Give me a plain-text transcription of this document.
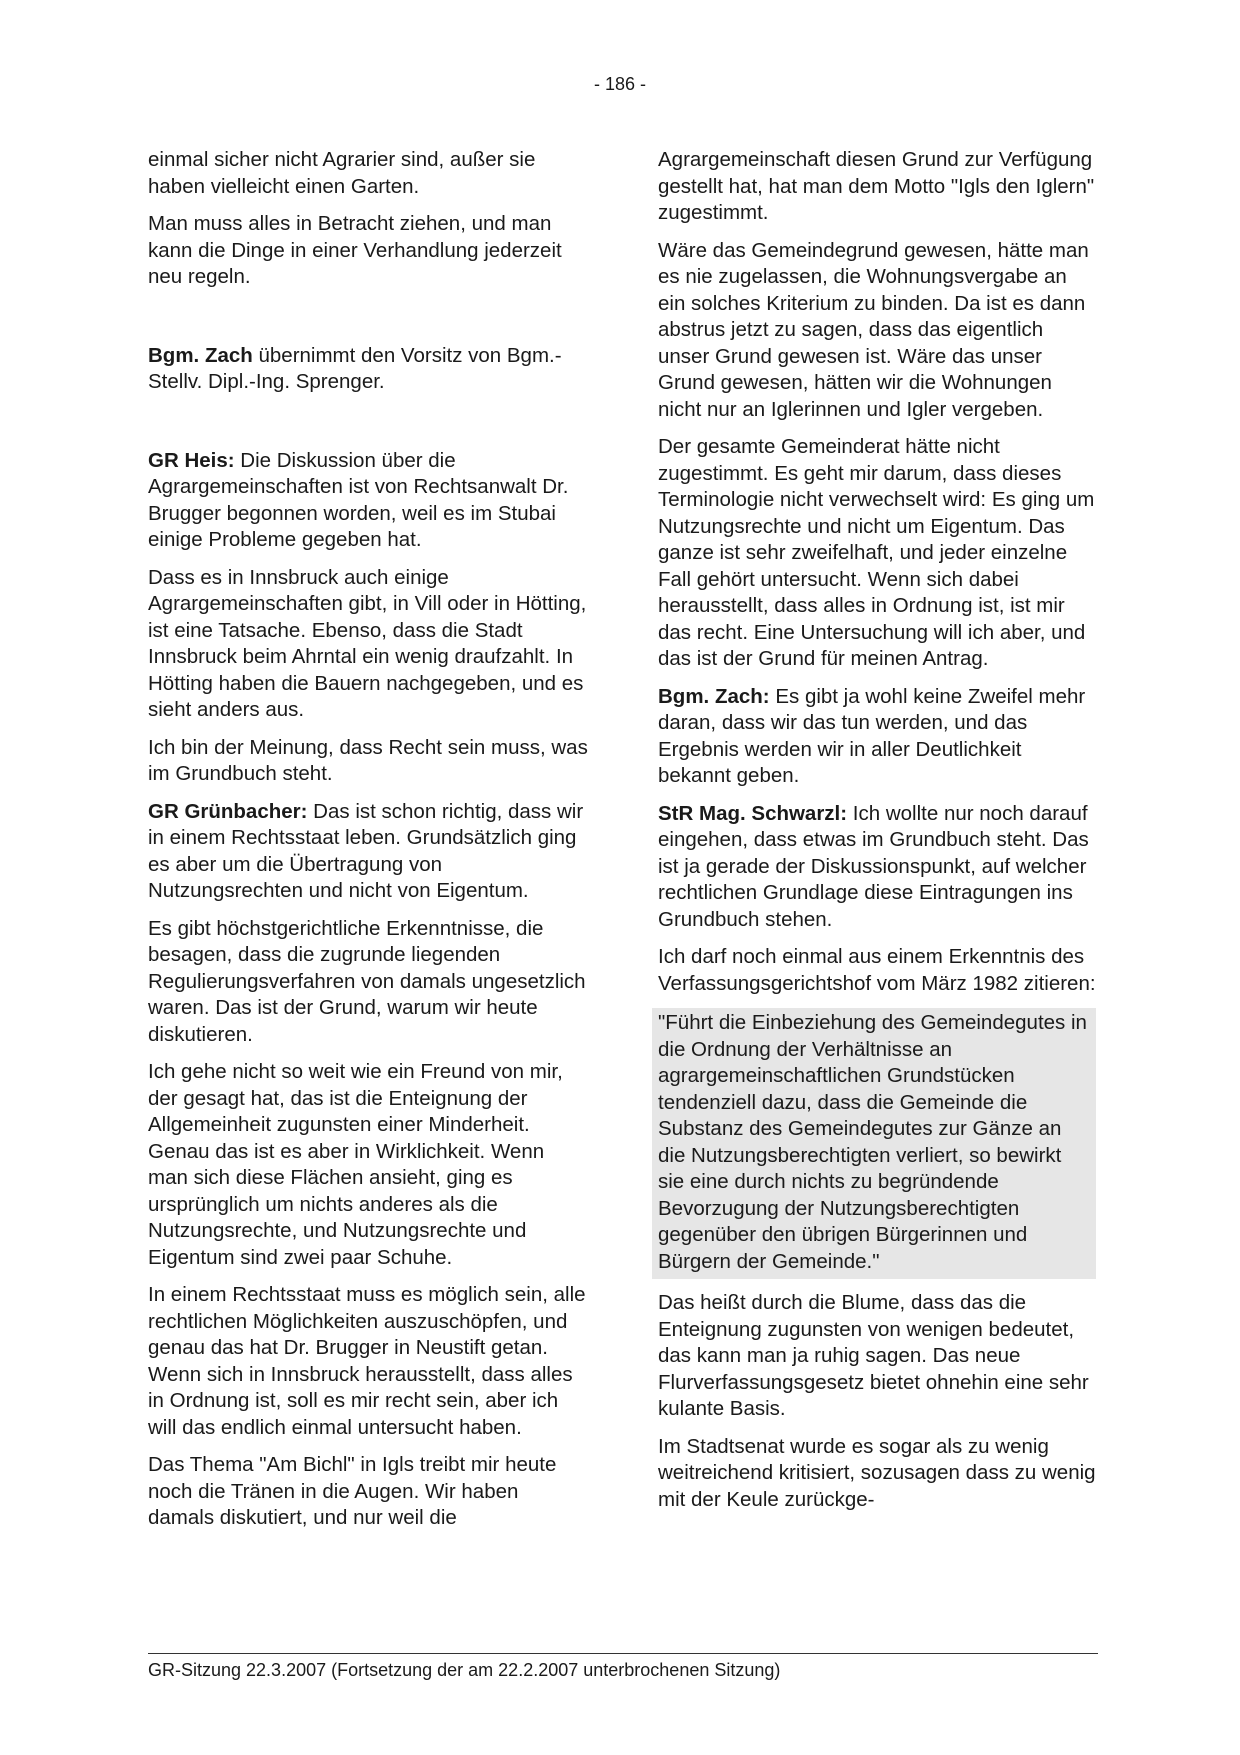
- 186 -

einmal sicher nicht Agrarier sind, außer sie haben vielleicht einen Garten.

Man muss alles in Betracht ziehen, und man kann die Dinge in einer Verhandlung jederzeit neu regeln.

Bgm. Zach übernimmt den Vorsitz von Bgm.-Stellv. Dipl.-Ing. Sprenger.

GR Heis: Die Diskussion über die Agrargemeinschaften ist von Rechtsanwalt Dr. Brugger begonnen worden, weil es im Stubai einige Probleme gegeben hat.

Dass es in Innsbruck auch einige Agrargemeinschaften gibt, in Vill oder in Hötting, ist eine Tatsache. Ebenso, dass die Stadt Innsbruck beim Ahrntal ein wenig draufzahlt. In Hötting haben die Bauern nachgegeben, und es sieht anders aus.

Ich bin der Meinung, dass Recht sein muss, was im Grundbuch steht.

GR Grünbacher: Das ist schon richtig, dass wir in einem Rechtsstaat leben. Grundsätzlich ging es aber um die Übertragung von Nutzungsrechten und nicht von Eigentum.

Es gibt höchstgerichtliche Erkenntnisse, die besagen, dass die zugrunde liegenden Regulierungsverfahren von damals ungesetzlich waren. Das ist der Grund, warum wir heute diskutieren.

Ich gehe nicht so weit wie ein Freund von mir, der gesagt hat, das ist die Enteignung der Allgemeinheit zugunsten einer Minderheit. Genau das ist es aber in Wirklichkeit. Wenn man sich diese Flächen ansieht, ging es ursprünglich um nichts anderes als die Nutzungsrechte, und Nutzungsrechte und Eigentum sind zwei paar Schuhe.

In einem Rechtsstaat muss es möglich sein, alle rechtlichen Möglichkeiten auszuschöpfen, und genau das hat Dr. Brugger in Neustift getan. Wenn sich in Innsbruck herausstellt, dass alles in Ordnung ist, soll es mir recht sein, aber ich will das endlich einmal untersucht haben.

Das Thema "Am Bichl" in Igls treibt mir heute noch die Tränen in die Augen. Wir haben damals diskutiert, und nur weil die

Agrargemeinschaft diesen Grund zur Verfügung gestellt hat, hat man dem Motto "Igls den Iglern" zugestimmt.

Wäre das Gemeindegrund gewesen, hätte man es nie zugelassen, die Wohnungsvergabe an ein solches Kriterium zu binden. Da ist es dann abstrus jetzt zu sagen, dass das eigentlich unser Grund gewesen ist. Wäre das unser Grund gewesen, hätten wir die Wohnungen nicht nur an Iglerinnen und Igler vergeben.

Der gesamte Gemeinderat hätte nicht zugestimmt. Es geht mir darum, dass dieses Terminologie nicht verwechselt wird: Es ging um Nutzungsrechte und nicht um Eigentum. Das ganze ist sehr zweifelhaft, und jeder einzelne Fall gehört untersucht. Wenn sich dabei herausstellt, dass alles in Ordnung ist, ist mir das recht. Eine Untersuchung will ich aber, und das ist der Grund für meinen Antrag.

Bgm. Zach: Es gibt ja wohl keine Zweifel mehr daran, dass wir das tun werden, und das Ergebnis werden wir in aller Deutlichkeit bekannt geben.

StR Mag. Schwarzl: Ich wollte nur noch darauf eingehen, dass etwas im Grundbuch steht. Das ist ja gerade der Diskussionspunkt, auf welcher rechtlichen Grundlage diese Eintragungen ins Grundbuch stehen.

Ich darf noch einmal aus einem Erkenntnis des Verfassungsgerichtshof vom März 1982 zitieren:

"Führt die Einbeziehung des Gemeindegutes in die Ordnung der Verhältnisse an agrargemeinschaftlichen Grundstücken tendenziell dazu, dass die Gemeinde die Substanz des Gemeindegutes zur Gänze an die Nutzungsberechtigten verliert, so bewirkt sie eine durch nichts zu begründende Bevorzugung der Nutzungsberechtigten gegenüber den übrigen Bürgerinnen und Bürgern der Gemeinde."

Das heißt durch die Blume, dass das die Enteignung zugunsten von wenigen bedeutet, das kann man ja ruhig sagen. Das neue Flurverfassungsgesetz bietet ohnehin eine sehr kulante Basis.

Im Stadtsenat wurde es sogar als zu wenig weitreichend kritisiert, sozusagen dass zu wenig mit der Keule zurückge-

GR-Sitzung 22.3.2007 (Fortsetzung der am 22.2.2007 unterbrochenen Sitzung)
